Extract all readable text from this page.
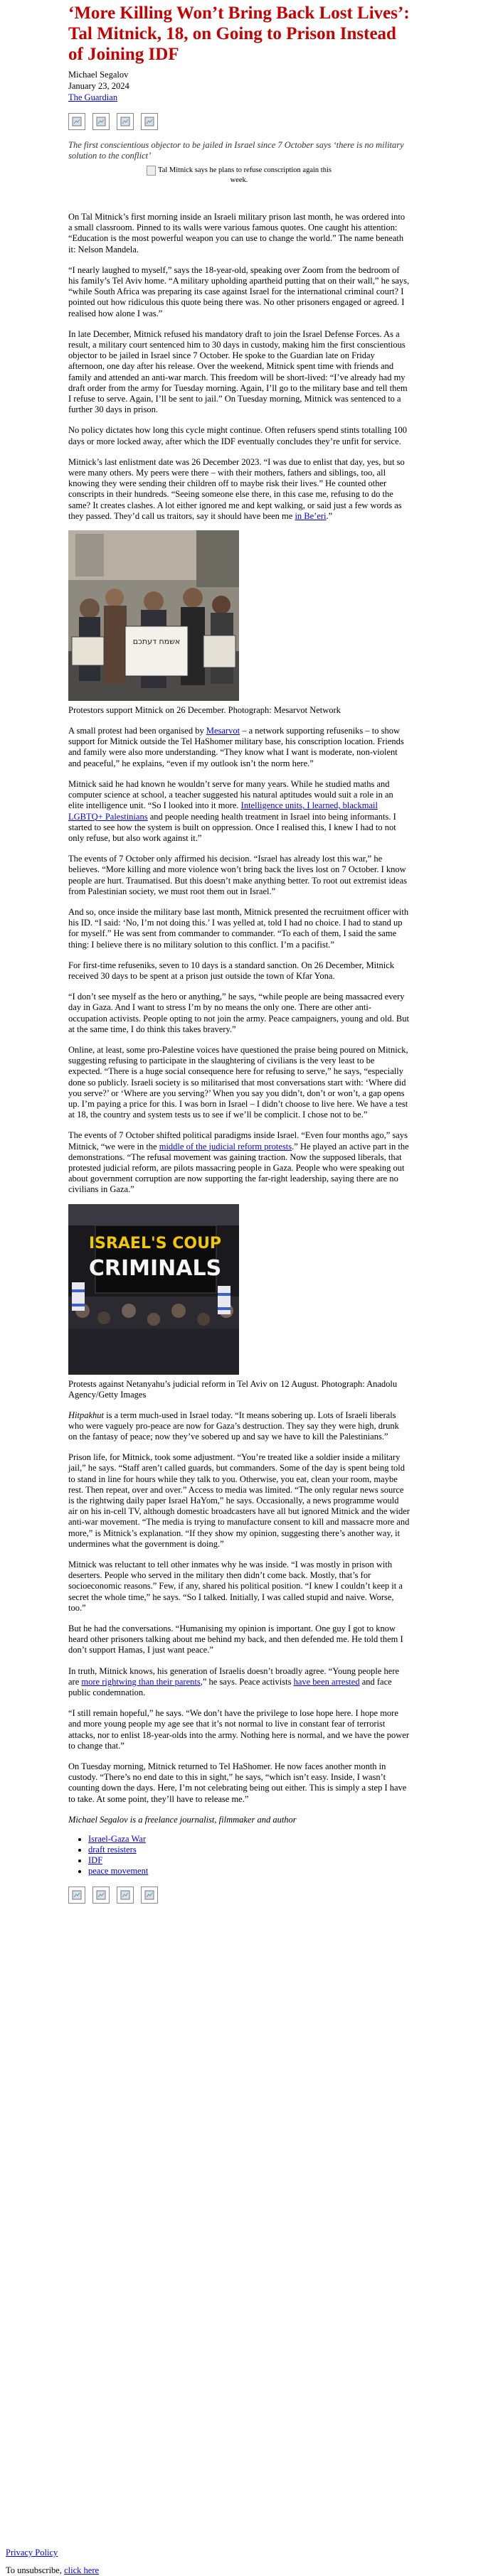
‘More Killing Won’t Bring Back Lost Lives’: Tal Mitnick, 18, on Going to Prison Instead of Joining IDF
Michael Segalov
January 23, 2024
The Guardian
The first conscientious objector to be jailed in Israel since 7 October says ‘there is no military solution to the conflict’
Tal Mitnick says he plans to refuse conscription again this week.

On Tal Mitnick’s first morning inside an Israeli military prison last month, he was ordered into a small classroom. Pinned to its walls were various famous quotes. One caught his attention: “Education is the most powerful weapon you can use to change the world.” The name beneath it: Nelson Mandela.

“I nearly laughed to myself,” says the 18-year-old, speaking over Zoom from the bedroom of his family’s Tel Aviv home. “A military upholding apartheid putting that on their wall,” he says, “while South Africa was preparing its case against Israel for the international criminal court? I pointed out how ridiculous this quote being there was. No other prisoners engaged or agreed. I realised how alone I was.”

In late December, Mitnick refused his mandatory draft to join the Israel Defense Forces. As a result, a military court sentenced him to 30 days in custody, making him the first conscientious objector to be jailed in Israel since 7 October. He spoke to the Guardian late on Friday afternoon, one day after his release. Over the weekend, Mitnick spent time with friends and family and attended an anti-war march. This freedom will be short-lived: “I’ve already had my draft order from the army for Tuesday morning. Again, I’ll go to the military base and tell them I refuse to serve. Again, I’ll be sent to jail.” On Tuesday morning, Mitnick was sentenced to a further 30 days in prison.

No policy dictates how long this cycle might continue. Often refusers spend stints totalling 100 days or more locked away, after which the IDF eventually concludes they’re unfit for service.

Mitnick’s last enlistment date was 26 December 2023. “I was due to enlist that day, yes, but so were many others. My peers were there – with their mothers, fathers and siblings, too, all knowing they were sending their children off to maybe risk their lives.” He counted other conscripts in their hundreds. “Seeing someone else there, in this case me, refusing to do the same? It creates clashes. A lot either ignored me and kept walking, or said just a few words as they passed. They’d call us traitors, say it should have been me in Be’eri.”

אשמח דעתכם
Protestors support Mitnick on 26 December. Photograph: Mesarvot Network

A small protest had been organised by Mesarvot – a network supporting refuseniks – to show support for Mitnick outside the Tel HaShomer military base, his conscription location. Friends and family were also more understanding. “They know what I want is moderate, non-violent and peaceful,” he explains, “even if my outlook isn’t the norm here.”

Mitnick said he had known he wouldn’t serve for many years. While he studied maths and computer science at school, a teacher suggested his natural aptitudes would suit a role in an elite intelligence unit. “So I looked into it more. Intelligence units, I learned, blackmail LGBTQ+ Palestinians and people needing health treatment in Israel into being informants. I started to see how the system is built on oppression. Once I realised this, I knew I had to not only refuse, but also work against it.”

The events of 7 October only affirmed his decision. “Israel has already lost this war,” he believes. “More killing and more violence won’t bring back the lives lost on 7 October. I know people are hurt. Traumatised. But this doesn’t make anything better. To root out extremist ideas from Palestinian society, we must root them out in Israel.”

And so, once inside the military base last month, Mitnick presented the recruitment officer with his ID. “I said: ‘No, I’m not doing this.’ I was yelled at, told I had no choice. I had to stand up for myself.” He was sent from commander to commander. “To each of them, I said the same thing: I believe there is no military solution to this conflict. I’m a pacifist.”

For first-time refuseniks, seven to 10 days is a standard sanction. On 26 December, Mitnick received 30 days to be spent at a prison just outside the town of Kfar Yona.

“I don’t see myself as the hero or anything,” he says, “while people are being massacred every day in Gaza. And I want to stress I’m by no means the only one. There are other anti-occupation activists. People opting to not join the army. Peace campaigners, young and old. But at the same time, I do think this takes bravery.”

Online, at least, some pro-Palestine voices have questioned the praise being poured on Mitnick, suggesting refusing to participate in the slaughtering of civilians is the very least to be expected. “There is a huge social consequence here for refusing to serve,” he says, “especially done so publicly. Israeli society is so militarised that most conversations start with: ‘Where did you serve?’ or ‘Where are you serving?’ When you say you didn’t, don’t or won’t, a gap opens up. I’m paying a price for this. I was born in Israel – I didn’t choose to live here. We have a test at 18, the country and system tests us to see if we’ll be complicit. I chose not to be.”

The events of 7 October shifted political paradigms inside Israel. “Even four months ago,” says Mitnick, “we were in the middle of the judicial reform protests.” He played an active part in the demonstrations. “The refusal movement was gaining traction. Now the supposed liberals, that protested judicial reform, are pilots massacring people in Gaza. People who were speaking out about government corruption are now supporting the far-right leadership, saying there are no civilians in Gaza.”

ISRAEL'S COUP
CRIMINALS
Protests against Netanyahu’s judicial reform in Tel Aviv on 12 August. Photograph: Anadolu Agency/Getty Images

Hitpakhut is a term much-used in Israel today. “It means sobering up. Lots of Israeli liberals who were vaguely pro-peace are now for Gaza’s destruction. They say they were high, drunk on the fantasy of peace; now they’ve sobered up and say we have to kill the Palestinians.”

Prison life, for Mitnick, took some adjustment. “You’re treated like a soldier inside a military jail,” he says. “Staff aren’t called guards, but commanders. Some of the day is spent being told to stand in line for hours while they talk to you. Otherwise, you eat, clean your room, maybe rest. Then repeat, over and over.” Access to media was limited. “The only regular news source is the rightwing daily paper Israel HaYom,” he says. Occasionally, a news programme would air on his in-cell TV, although domestic broadcasters have all but ignored Mitnick and the wider anti-war movement. “The media is trying to manufacture consent to kill and massacre more and more,” is Mitnick’s explanation. “If they show my opinion, suggesting there’s another way, it undermines what the government is doing.”

Mitnick was reluctant to tell other inmates why he was inside. “I was mostly in prison with deserters. People who served in the military then didn’t come back. Mostly, that’s for socioeconomic reasons.” Few, if any, shared his political position. “I knew I couldn’t keep it a secret the whole time,” he says. “So I talked. Initially, I was called stupid and naive. Worse, too.”

But he had the conversations. “Humanising my opinion is important. One guy I got to know heard other prisoners talking about me behind my back, and then defended me. He told them I don’t support Hamas, I just want peace.”

In truth, Mitnick knows, his generation of Israelis doesn’t broadly agree. “Young people here are more rightwing than their parents,” he says. Peace activists have been arrested and face public condemnation.

“I still remain hopeful,” he says. “We don’t have the privilege to lose hope here. I hope more and more young people my age see that it’s not normal to live in constant fear of terrorist attacks, nor to enlist 18-year-olds into the army. Nothing here is normal, and we have the power to change that.”

On Tuesday morning, Mitnick returned to Tel HaShomer. He now faces another month in custody. “There’s no end date to this in sight,” he says, “which isn’t easy. Inside, I wasn’t counting down the days. Here, I’m not celebrating being out either. This is simply a step I have to take. At some point, they’ll have to release me.”

Michael Segalov is a freelance journalist, filmmaker and author

• Israel-Gaza War
• draft resisters
• IDF
• peace movement
Privacy Policy
To unsubscribe, click here
